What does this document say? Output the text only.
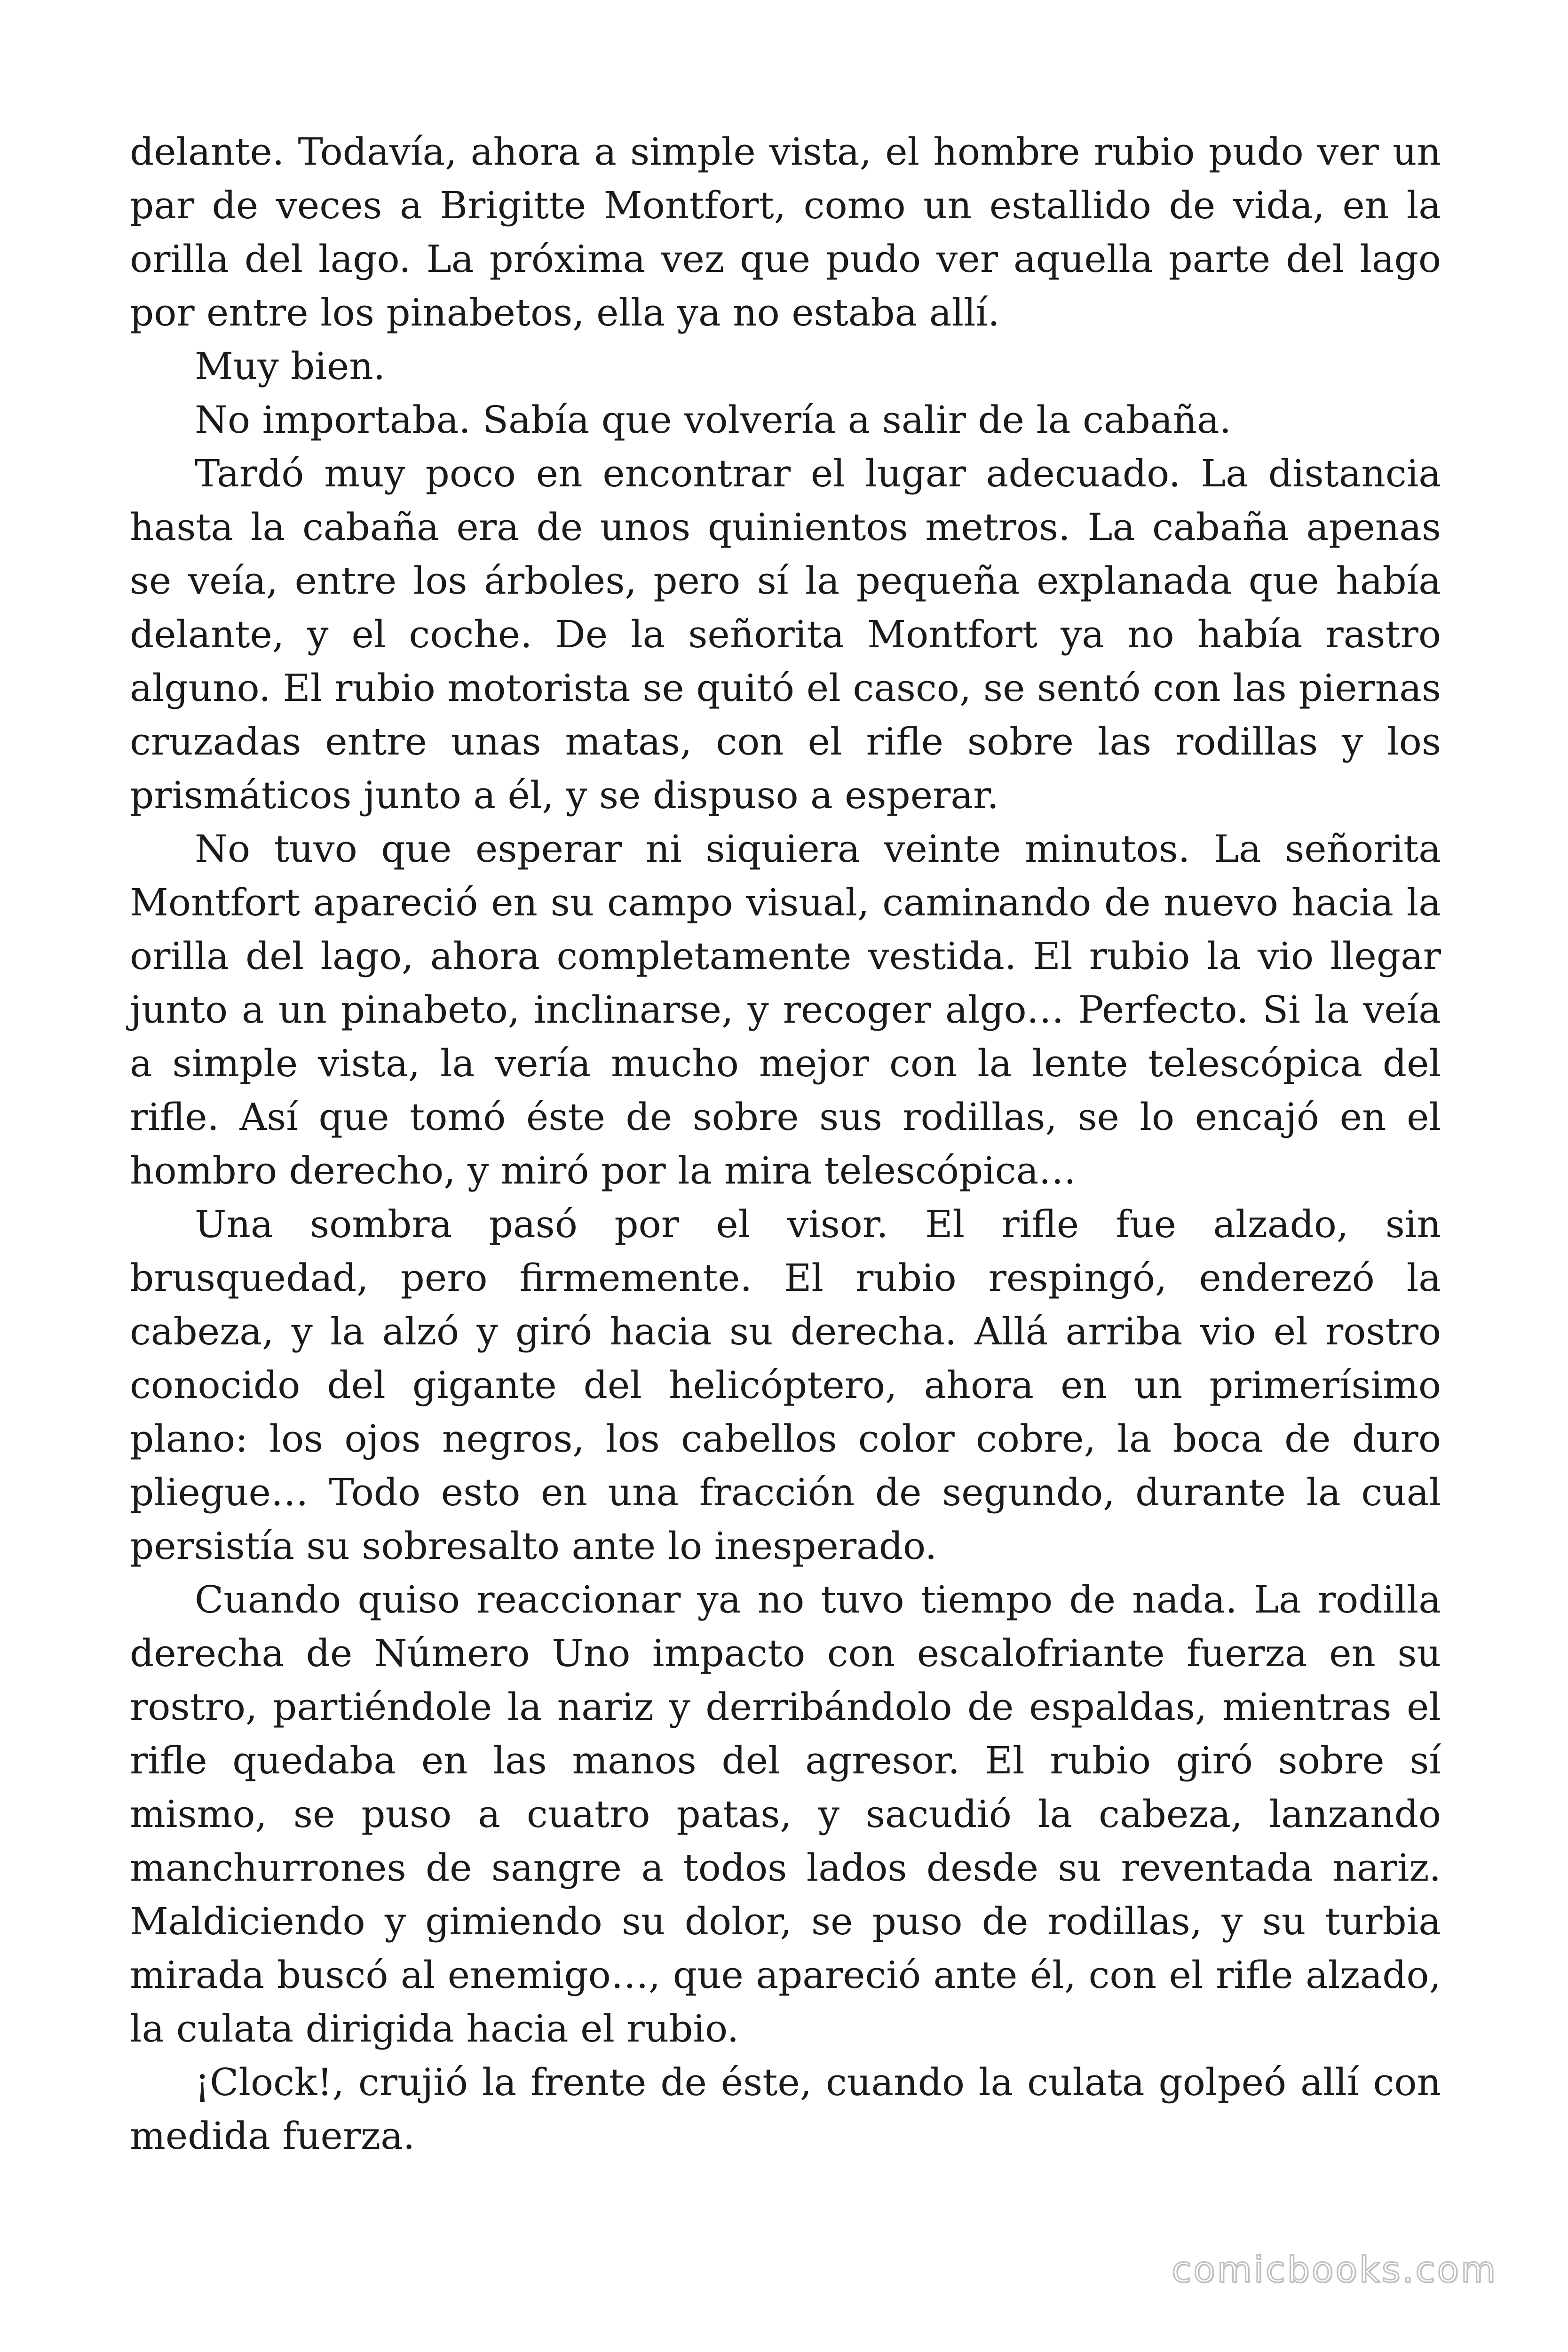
delante. Todavía, ahora a simple vista, el hombre rubio pudo ver un par de veces a Brigitte Montfort, como un estallido de vida, en la orilla del lago. La próxima vez que pudo ver aquella parte del lago por entre los pinabetos, ella ya no estaba allí.

Muy bien.

No importaba. Sabía que volvería a salir de la cabaña.

Tardó muy poco en encontrar el lugar adecuado. La distancia hasta la cabaña era de unos quinientos metros. La cabaña apenas se veía, entre los árboles, pero sí la pequeña explanada que había delante, y el coche. De la señorita Montfort ya no había rastro alguno. El rubio motorista se quitó el casco, se sentó con las piernas cruzadas entre unas matas, con el rifle sobre las rodillas y los prismáticos junto a él, y se dispuso a esperar.

No tuvo que esperar ni siquiera veinte minutos. La señorita Montfort apareció en su campo visual, caminando de nuevo hacia la orilla del lago, ahora completamente vestida. El rubio la vio llegar junto a un pinabeto, inclinarse, y recoger algo… Perfecto. Si la veía a simple vista, la vería mucho mejor con la lente telescópica del rifle. Así que tomó éste de sobre sus rodillas, se lo encajó en el hombro derecho, y miró por la mira telescópica…

Una sombra pasó por el visor. El rifle fue alzado, sin brusquedad, pero firmemente. El rubio respingó, enderezó la cabeza, y la alzó y giró hacia su derecha. Allá arriba vio el rostro conocido del gigante del helicóptero, ahora en un primerísimo plano: los ojos negros, los cabellos color cobre, la boca de duro pliegue… Todo esto en una fracción de segundo, durante la cual persistía su sobresalto ante lo inesperado.

Cuando quiso reaccionar ya no tuvo tiempo de nada. La rodilla derecha de Número Uno impacto con escalofriante fuerza en su rostro, partiéndole la nariz y derribándolo de espaldas, mientras el rifle quedaba en las manos del agresor. El rubio giró sobre sí mismo, se puso a cuatro patas, y sacudió la cabeza, lanzando manchurrones de sangre a todos lados desde su reventada nariz. Maldiciendo y gimiendo su dolor, se puso de rodillas, y su turbia mirada buscó al enemigo…, que apareció ante él, con el rifle alzado, la culata dirigida hacia el rubio.

¡Clock!, crujió la frente de éste, cuando la culata golpeó allí con medida fuerza.

comicbooks.com
